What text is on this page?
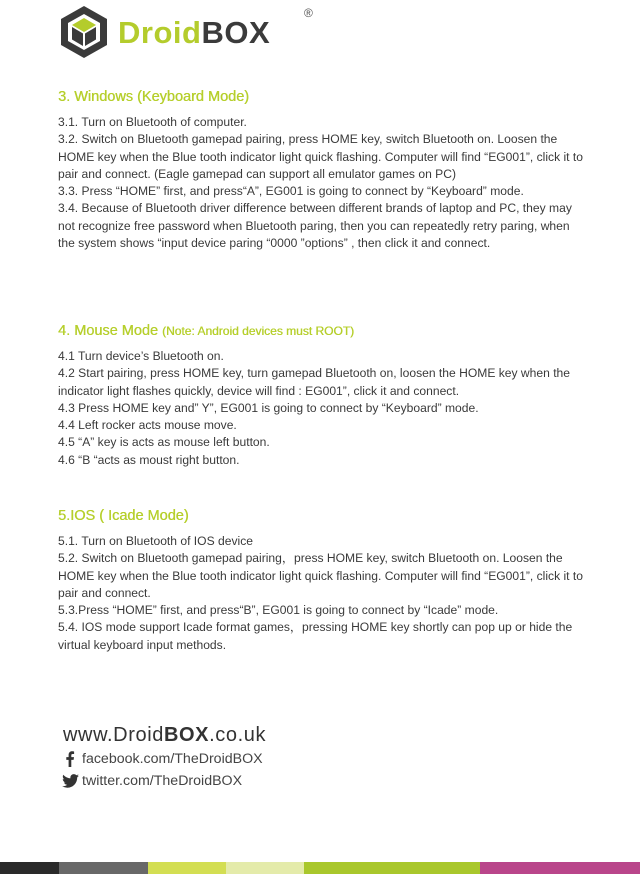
DroidBOX
®
3. Windows (Keyboard Mode)

3.1. Turn on Bluetooth of computer.

3.2. Switch on Bluetooth gamepad pairing, press HOME key, switch Bluetooth on. Loosen the HOME key when the Blue tooth indicator light quick flashing. Computer will find “EG001”, click it to pair and connect. (Eagle gamepad can support all emulator games on PC)

3.3. Press “HOME” first, and press“A”, EG001 is going to connect by “Keyboard” mode.

3.4. Because of Bluetooth driver difference between different brands of laptop and PC, they may not recognize free password when Bluetooth paring, then you can repeatedly retry paring, when the system shows “input device paring “0000 ”options” , then click it and connect.

4. Mouse Mode (Note: Android devices must ROOT)

4.1 Turn device’s Bluetooth on.

4.2 Start pairing, press HOME key, turn gamepad Bluetooth on, loosen the HOME key when the indicator light flashes quickly, device will find : EG001”, click it and connect.

4.3 Press HOME key and” Y”, EG001 is going to connect by “Keyboard” mode.

4.4 Left rocker acts mouse move.

4.5 “A” key is acts as mouse left button.

4.6 “B “acts as moust right button.

5.IOS ( Icade Mode)

5.1. Turn on Bluetooth of IOS device

5.2. Switch on Bluetooth gamepad pairing，press HOME key, switch Bluetooth on. Loosen the HOME key when the Blue tooth indicator light quick flashing. Computer will find “EG001”, click it to pair and connect.

5.3.Press “HOME” first, and press“B”, EG001 is going to connect by “Icade” mode.

5.4. IOS mode support Icade format games，pressing HOME key shortly can pop up or hide the virtual keyboard input methods.

www.DroidBOX.co.uk
facebook.com/TheDroidBOX
twitter.com/TheDroidBOX
